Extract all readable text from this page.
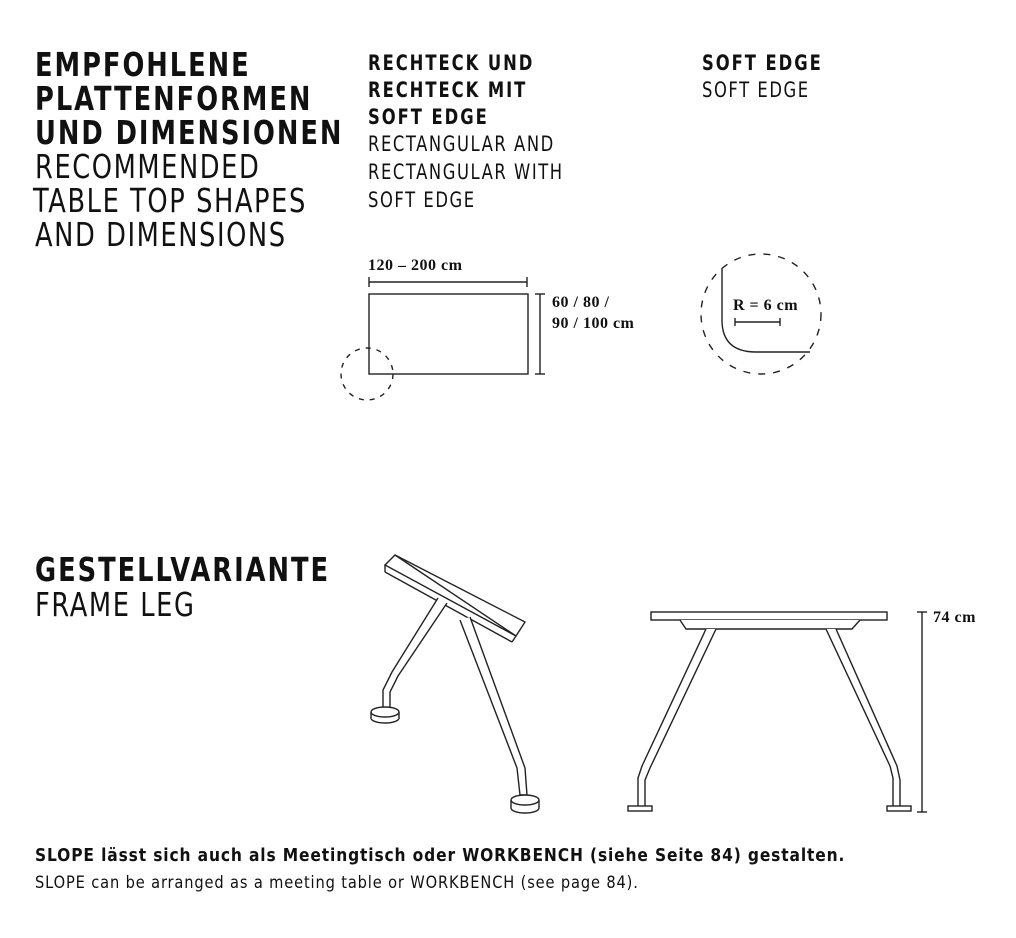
EMPFOHLENE
PLATTENFORMEN
UND DIMENSIONEN
RECOMMENDED
TABLE TOP SHAPES
AND DIMENSIONS
RECHTECK UND
RECHTECK MIT
SOFT EDGE
RECTANGULAR AND
RECTANGULAR WITH
SOFT EDGE
SOFT EDGE
SOFT EDGE
120 – 200 cm
60 / 80 /
90 / 100 cm
R = 6 cm
74 cm
GESTELLVARIANTE
FRAME LEG
SLOPE lässt sich auch als Meetingtisch oder WORKBENCH (siehe Seite 84) gestalten.
SLOPE can be arranged as a meeting table or WORKBENCH (see page 84).
